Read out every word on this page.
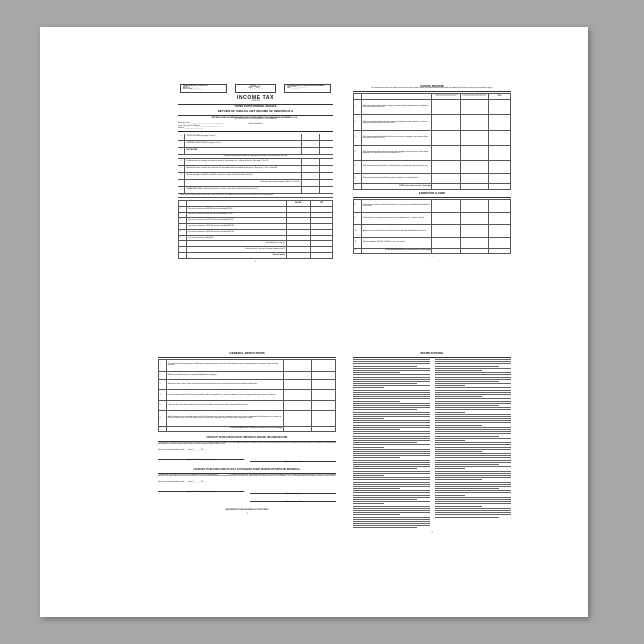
TO BE FILLED IN BY COLLECTOR.
List No. ____________
District of ____________
Date received ____________
File No. ____
Assessment List
Page ____ Line ____
TO BE FILLED IN BY INTERNAL REVENUE BUREAU.
Date received ____________
Date ____________
INCOME TAX
FORM 1040
UNITED STATES INTERNAL REVENUE
RETURN OF ANNUAL NET INCOME OF INDIVIDUALS
RETURN OF NET INCOME RECEIVED OR ACCRUED DURING THE YEAR ENDED DECEMBER 31, 191__
(FOR THE YEAR 1913 ONLY, FROM MARCH 1 TO DECEMBER 31)
Filed by (or for) ____________________________________
(Full name of individual.)
In the City, Town, or Village of ____________________
State of ____________________
1	GROSS INCOME (see page 2, line 12)
2	GENERAL DEDUCTIONS (see page 3, line 7)
3	NET INCOME
Deductions and exemptions allowed in computing income subject to the normal tax of 1 per cent.
4	Dividends and net earnings received or accrued, of corporations, etc., subject to like tax. (See page 2, line 11)
5	Amount of income on which the normal tax has been deducted and withheld at the source. (See page 2, line 9, column A)
6	Specific exemption of $3,000 or $4,000, as the case may be. (See Instructions 3 and 19)
Total deductions and exemptions. (Items 4, 5, and 6)
7	TAXABLE INCOME on which the normal tax of 1 per cent is to be calculated. (See Instruction 3)
When the net income shown above on line 3 exceeds $20,000, the additional tax thereon must be calculated as per schedule below:
		INCOME	TAX
1	2 per cent on amount over $20,000 and not exceeding $50,000		
2	3 per cent on amount over $50,000 and not exceeding $75,000		
3	4 per cent on amount over $75,000 and not exceeding $100,000		
4	5 per cent on amount over $100,000 and not exceeding $250,000		
5	6 per cent on amount over $250,000 and not exceeding $500,000		
6	7 per cent on amount over $500,000		
	Total additional or super tax		
	Total normal tax (1 per cent of amount entered on line 7)		
	Total tax liability		
1
GROSS INCOME
This statement must show in the above space the entire amount of gains, profits, and income received or accrued by the individual from all sources during the year specified on page 1.
		A. Amount of income on which tax has been deducted and withheld at the source	B. Amount of income on which tax has NOT been deducted and withheld at the source	TOTAL
1	Total amount derived from salaries, wages, or compensation for personal service of whatever kind and in whatever form paid.			
2	Total amount derived from professions, vocations, businesses, trade, commerce, or sales or dealings in property, whether real or personal.			
3	Total amount derived from rents and from interest on notes, mortgages, and securities (other than reported on lines 4 and 5).			
4	Total amount derived from interest on bonds and mortgages or deeds of trust, or other similar obligations of corporations, joint-stock companies, etc.			
5	Total amount derived from royalties, and from fiduciaries, partnerships, personal service, etc.			
6	Total amount of income derived from any source whatever, not specified above.			
7	TOTAL (to be entered on line 1, first page)			
EXEMPTIONS CLAIMED
8	Total amount of income on which the normal tax of 1 per cent has been deducted and withheld at the source.			
9	Dividends and net earnings received or accrued of corporations, etc., subject to like tax.			
10	Amount of income on which the normal tax has been deducted and withheld at the source.			
11	Specific exemption of $3,000 or $4,000, as the case may be.			
12	TOTAL GROSS INCOME (to be entered on line 1 of first page)			
2
GENERAL DEDUCTIONS
1	The amount of necessary expenses actually paid in carrying on business, but not including business expenses of partnerships, nor personal, living, or family expenses.		
2	All interest paid within the year on personal indebtedness of taxpayer.		
3	All national, State, county, school, and municipal taxes paid within the year, not including those assessed against local benefits.		
4	Losses actually sustained within the year incurred in trade or arising from fires, storms, or shipwreck, and not compensated for by insurance or otherwise.		
5	Debts due which have been actually ascertained to be worthless and which have been charged off within the year.		
6	Amount representing a reasonable allowance for the exhaustion, wear, and tear of property arising out of its use or employment in the business, not to exceed, in the case of mines, 5 per cent of the gross value at the mine of the output for the year for which the computation is made.		
7	TOTAL GENERAL DEDUCTIONS (to be entered on line 2 of first page)		
AFFIDAVIT TO BE EXECUTED BY INDIVIDUAL MAKING HIS OWN RETURN.
I solemnly swear (or affirm) that the foregoing return, to the best of my knowledge and belief, contains a true and complete statement of all gains, profits, and income received by or accrued to me during the year stated, and that I am entitled to all the deductions and exemptions entered or claimed therein, under the Federal Income-tax Law of October 3, 1913.
Sworn to and subscribed before me this ____ day of ________, 191__.
(Signature of officer administering oath.)
(Signature of individual.)
AFFIDAVIT TO BE EXECUTED BY DULY AUTHORIZED AGENT MAKING RETURN FOR INDIVIDUAL.
I solemnly swear (or affirm) that I have sufficient knowledge of the affairs and property of ____________ to enable me to make a full and complete return thereof, and that the foregoing return, to the best of my knowledge and belief, contains a true and complete statement of all gains, profits, and income received by or accrued to said individual during the year stated, and that said individual is entitled, under the Federal Income-tax Law of October 3, 1913, to all the deductions and exemptions entered or claimed therein.
Sworn to and subscribed before me this ____ day of ________, 191__.
(Signature of officer administering oath.)
(Signature of agent.)
Address of agent in full.
(SEE INSTRUCTIONS ON PAGE 4 OF THIS FORM.)
3
INSTRUCTIONS.
4
